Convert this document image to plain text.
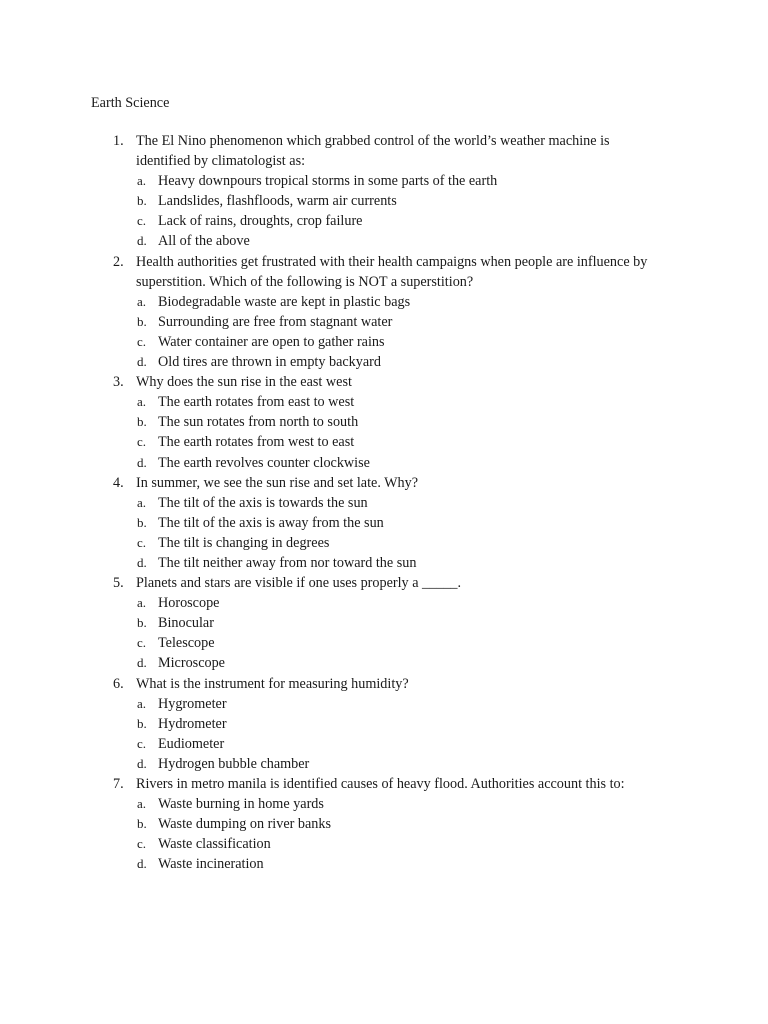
Earth Science
1. The El Nino phenomenon which grabbed control of the world’s weather machine is identified by climatologist as:
a. Heavy downpours tropical storms in some parts of the earth
b. Landslides, flashfloods, warm air currents
c. Lack of rains, droughts, crop failure
d. All of the above
2. Health authorities get frustrated with their health campaigns when people are influence by superstition. Which of the following is NOT a superstition?
a. Biodegradable waste are kept in plastic bags
b. Surrounding are free from stagnant water
c. Water container are open to gather rains
d. Old tires are thrown in empty backyard
3. Why does the sun rise in the east west
a. The earth rotates from east to west
b. The sun rotates from north to south
c. The earth rotates from west to east
d. The earth revolves counter clockwise
4. In summer, we see the sun rise and set late. Why?
a. The tilt of the axis is towards the sun
b. The tilt of the axis is away from the sun
c. The tilt is changing in degrees
d. The tilt neither away from nor toward the sun
5. Planets and stars are visible if one uses properly a _____.
a. Horoscope
b. Binocular
c. Telescope
d. Microscope
6. What is the instrument for measuring humidity?
a. Hygrometer
b. Hydrometer
c. Eudiometer
d. Hydrogen bubble chamber
7. Rivers in metro manila is identified causes of heavy flood. Authorities account this to:
a. Waste burning in home yards
b. Waste dumping on river banks
c. Waste classification
d. Waste incineration
